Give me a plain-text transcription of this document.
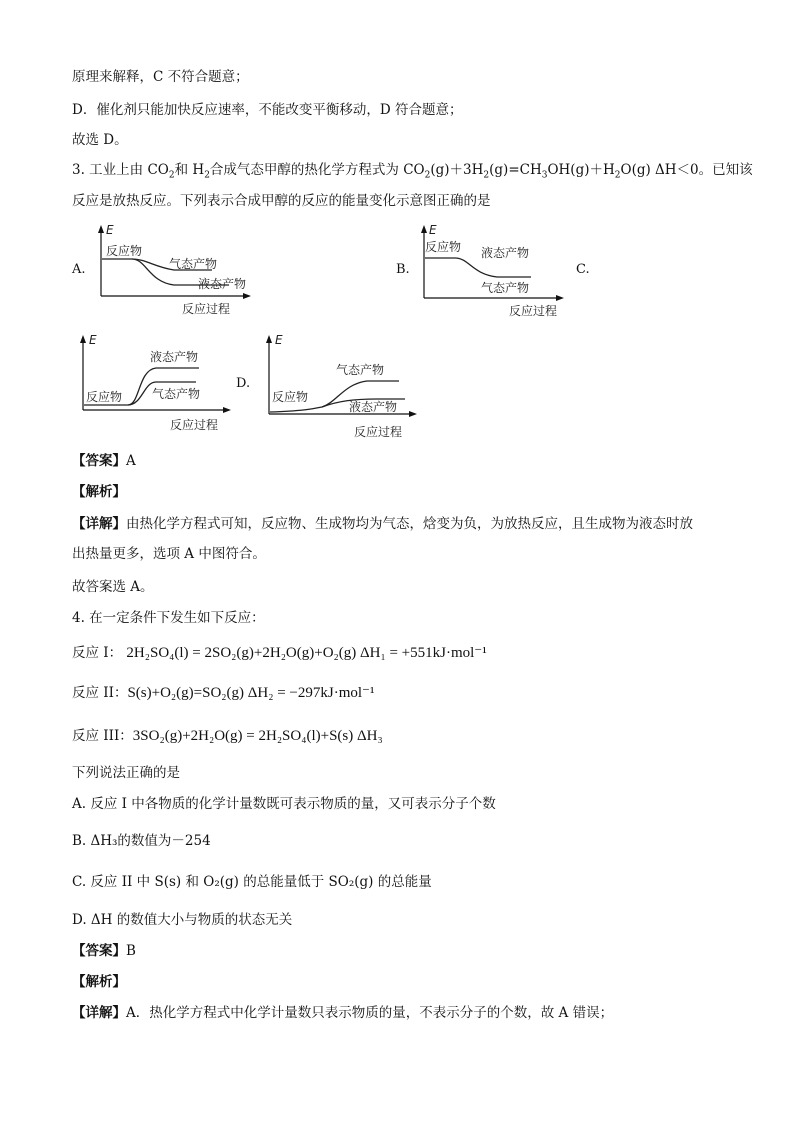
原理来解释，C 不符合题意；
D．催化剂只能加快反应速率，不能改变平衡移动，D 符合题意；
故选 D。
3. 工业上由 $CO_2$和 $H_2$合成气态甲醇的热化学方程式为 $CO_2(g)+3H_2(g)=CH_3OH(g)+H_2O(g)$ ΔH＜0。已知该
反应是放热反应。下列表示合成甲醇的反应的能量变化示意图正确的是
A.
E
反应物
气态产物
液态产物
反应过程
B.
E
反应物 液态产物
气态产物
反应过程
C.
E
反应物
液态产物
气态产物
反应过程
D.
E
反应物
气态产物
液态产物
反应过程
【答案】A
【解析】
【详解】由热化学方程式可知，反应物、生成物均为气态，焓变为负，为放热反应，且生成物为液态时放
出热量更多，选项 A 中图符合。
故答案选 A。
4. 在一定条件下发生如下反应：
反应 I： 2H₂SO₄(l) = 2SO₂(g)+2H₂O(g)+O₂(g) ΔH₁ = +551kJ·mol⁻¹
反应 II：S(s)+O₂(g)=SO₂(g) ΔH₂ = −297kJ·mol⁻¹
反应 III：3SO₂(g)+2H₂O(g) = 2H₂SO₄(l)+S(s) ΔH₃
下列说法正确的是
A. 反应 I 中各物质的化学计量数既可表示物质的量，又可表示分子个数
B. ΔH₃的数值为－254
C. 反应 II 中 S(s) 和 O₂(g) 的总能量低于 SO₂(g) 的总能量
D. ΔH 的数值大小与物质的状态无关
【答案】B
【解析】
【详解】A．热化学方程式中化学计量数只表示物质的量，不表示分子的个数，故 A 错误；
